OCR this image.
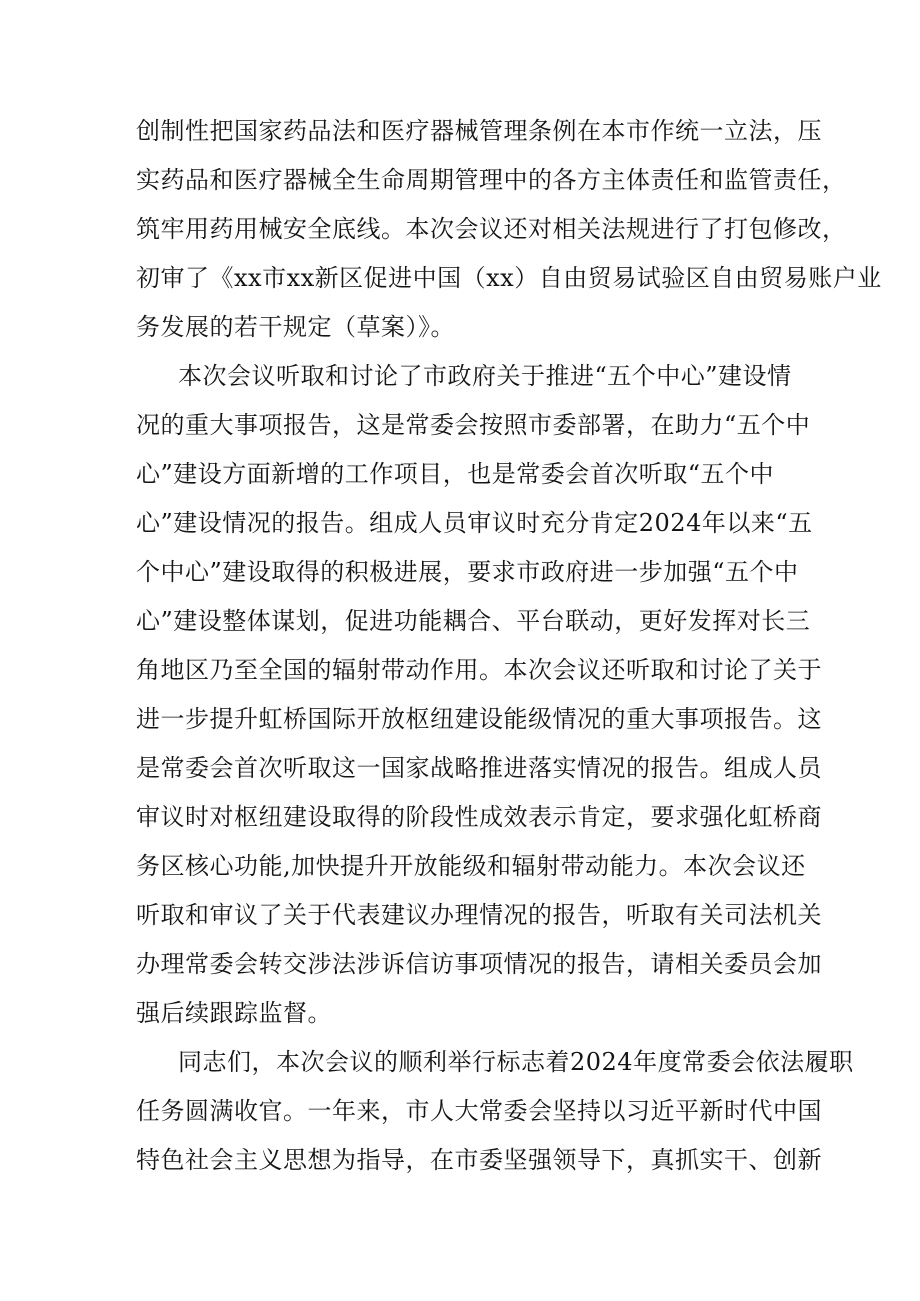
创制性把国家药品法和医疗器械管理条例在本市作统一立法，压
实药品和医疗器械全生命周期管理中的各方主体责任和监管责任，
筑牢用药用械安全底线。本次会议还对相关法规进行了打包修改，
初审了《xx市xx新区促进中国（xx）自由贸易试验区自由贸易账户业
务发展的若干规定（草案）》。
本次会议听取和讨论了市政府关于推进“五个中心”建设情
况的重大事项报告，这是常委会按照市委部署，在助力“五个中
心”建设方面新增的工作项目，也是常委会首次听取“五个中
心”建设情况的报告。组成人员审议时充分肯定2024年以来“五
个中心”建设取得的积极进展，要求市政府进一步加强“五个中
心”建设整体谋划，促进功能耦合、平台联动，更好发挥对长三
角地区乃至全国的辐射带动作用。本次会议还听取和讨论了关于
进一步提升虹桥国际开放枢纽建设能级情况的重大事项报告。这
是常委会首次听取这一国家战略推进落实情况的报告。组成人员
审议时对枢纽建设取得的阶段性成效表示肯定，要求强化虹桥商
务区核心功能,加快提升开放能级和辐射带动能力。本次会议还
听取和审议了关于代表建议办理情况的报告，听取有关司法机关
办理常委会转交涉法涉诉信访事项情况的报告，请相关委员会加
强后续跟踪监督。
同志们，本次会议的顺利举行标志着2024年度常委会依法履职
任务圆满收官。一年来，市人大常委会坚持以习近平新时代中国
特色社会主义思想为指导，在市委坚强领导下，真抓实干、创新
